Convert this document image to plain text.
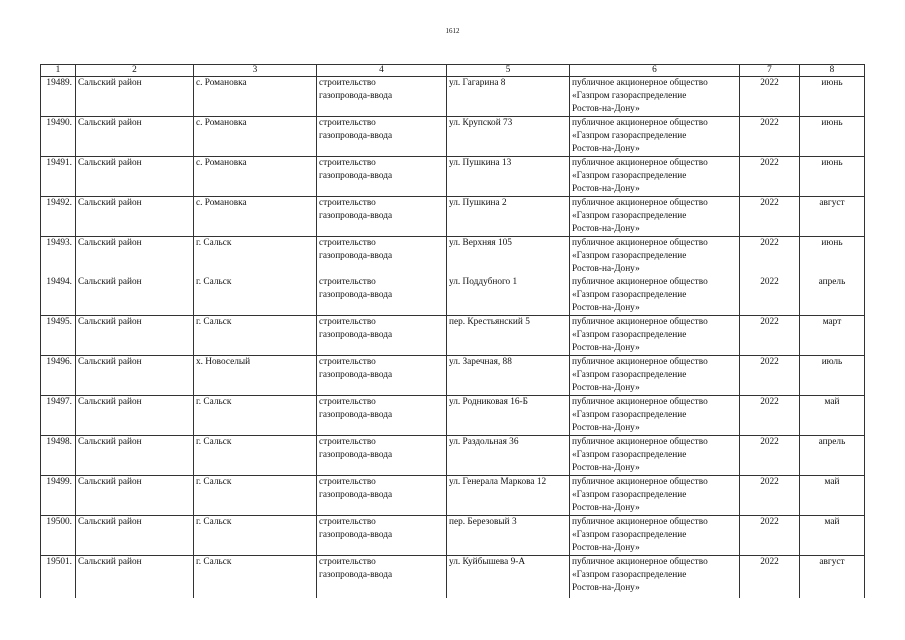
1612
1	2	3	4	5	6	7	8

19489.	Сальский район	с. Романовка	строительство
газопровода-ввода	ул. Гагарина 8	публичное акционерное общество
«Газпром газораспределение
Ростов-на-Дону»	2022	июнь

19490.	Сальский район	с. Романовка	строительство
газопровода-ввода	ул. Крупской 73	публичное акционерное общество
«Газпром газораспределение
Ростов-на-Дону»	2022	июнь

19491.	Сальский район	с. Романовка	строительство
газопровода-ввода	ул. Пушкина 13	публичное акционерное общество
«Газпром газораспределение
Ростов-на-Дону»	2022	июнь

19492.	Сальский район	с. Романовка	строительство
газопровода-ввода	ул. Пушкина 2	публичное акционерное общество
«Газпром газораспределение
Ростов-на-Дону»	2022	август

19493.	Сальский район	г. Сальск	строительство
газопровода-ввода	ул. Верхняя 105	публичное акционерное общество
«Газпром газораспределение
Ростов-на-Дону»	2022	июнь

19494.	Сальский район	г. Сальск	строительство
газопровода-ввода	ул. Поддубного 1	публичное акционерное общество
«Газпром газораспределение
Ростов-на-Дону»	2022	апрель

19495.	Сальский район	г. Сальск	строительство
газопровода-ввода	пер. Крестьянский 5	публичное акционерное общество
«Газпром газораспределение
Ростов-на-Дону»	2022	март

19496.	Сальский район	х. Новоселый	строительство
газопровода-ввода	ул. Заречная, 88	публичное акционерное общество
«Газпром газораспределение
Ростов-на-Дону»	2022	июль

19497.	Сальский район	г. Сальск	строительство
газопровода-ввода	ул. Родниковая 16-Б	публичное акционерное общество
«Газпром газораспределение
Ростов-на-Дону»	2022	май

19498.	Сальский район	г. Сальск	строительство
газопровода-ввода	ул. Раздольная 36	публичное акционерное общество
«Газпром газораспределение
Ростов-на-Дону»	2022	апрель

19499.	Сальский район	г. Сальск	строительство
газопровода-ввода	ул. Генерала Маркова 12	публичное акционерное общество
«Газпром газораспределение
Ростов-на-Дону»	2022	май

19500.	Сальский район	г. Сальск	строительство
газопровода-ввода	пер. Березовый 3	публичное акционерное общество
«Газпром газораспределение
Ростов-на-Дону»	2022	май

19501.	Сальский район	г. Сальск	строительство
газопровода-ввода	ул. Куйбышева 9-А	публичное акционерное общество
«Газпром газораспределение
Ростов-на-Дону»	2022	август
